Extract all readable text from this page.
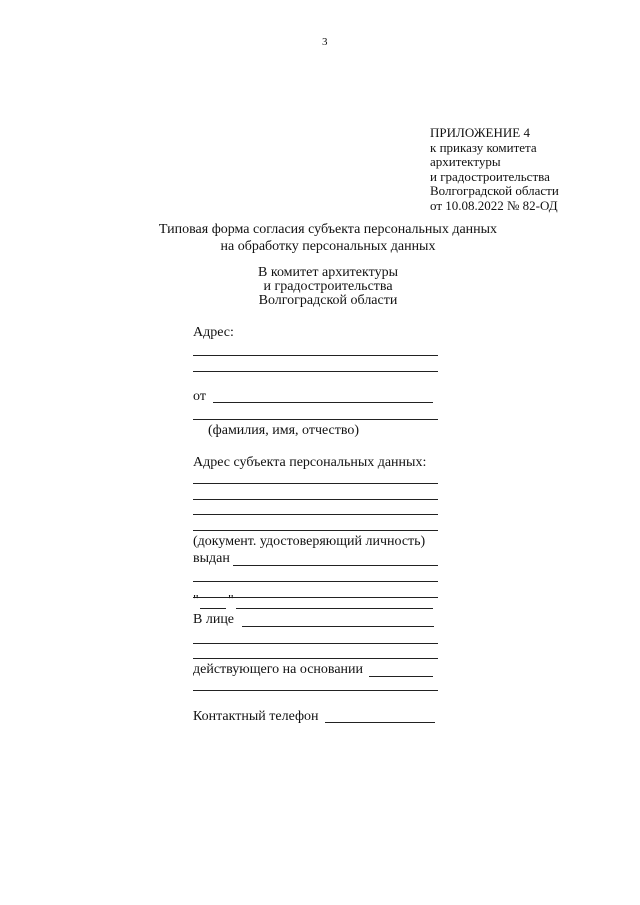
3
ПРИЛОЖЕНИЕ 4
к приказу комитета
архитектуры
и градостроительства
Волгоградской области
от 10.08.2022 № 82-ОД
Типовая форма согласия субъекта персональных данных
на обработку персональных данных
В комитет архитектуры
и градостроительства
Волгоградской области
Адрес:
от
(фамилия, имя, отчество)
Адрес субъекта персональных данных:
(документ. удостоверяющий личность)
выдан
" "
В лице
действующего на основании
Контактный телефон
